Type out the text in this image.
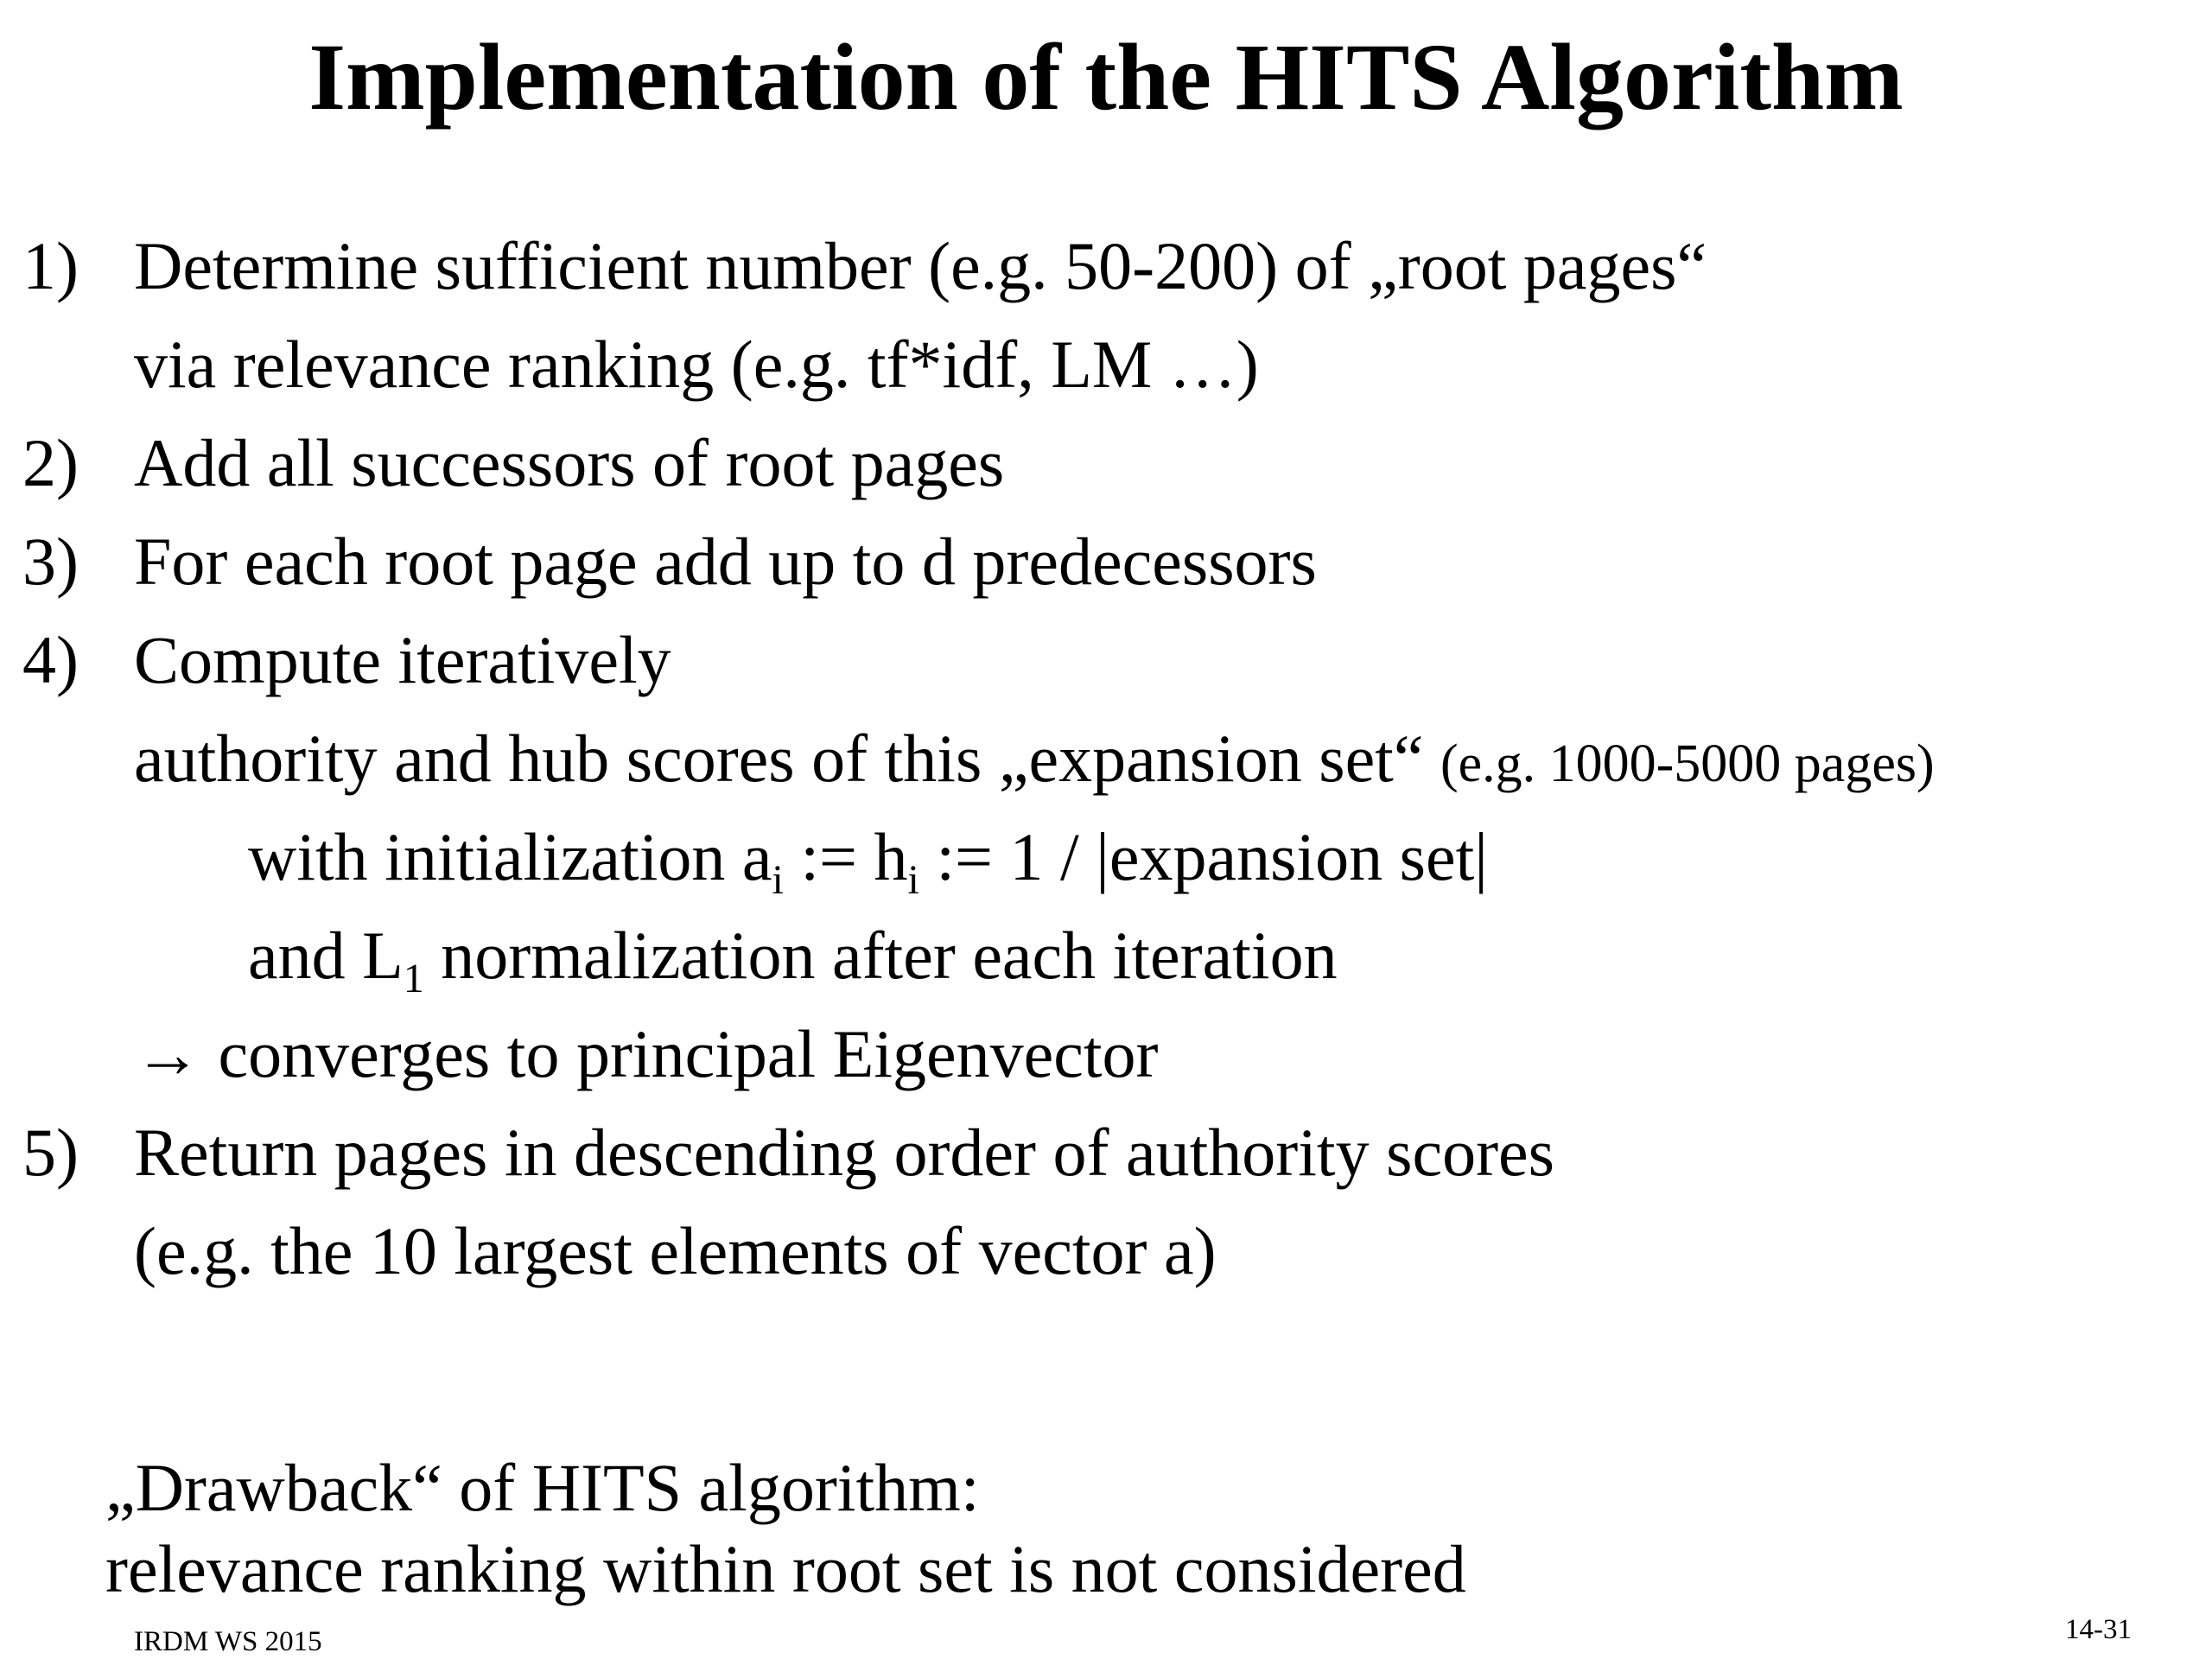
Implementation of the HITS Algorithm
1) Determine sufficient number (e.g. 50-200) of „root pages“
via relevance ranking (e.g. tf*idf, LM …)
2) Add all successors of root pages
3) For each root page add up to d predecessors
4) Compute iteratively
authority and hub scores of this „expansion set“ (e.g. 1000-5000 pages)
with initialization $a_i$ := $h_i$ := 1 / |expansion set|
and $L_1$ normalization after each iteration
→ converges to principal Eigenvector
5) Return pages in descending order of authority scores
(e.g. the 10 largest elements of vector a)
„Drawback“ of HITS algorithm:
relevance ranking within root set is not considered
IRDM WS 2015	14-31
